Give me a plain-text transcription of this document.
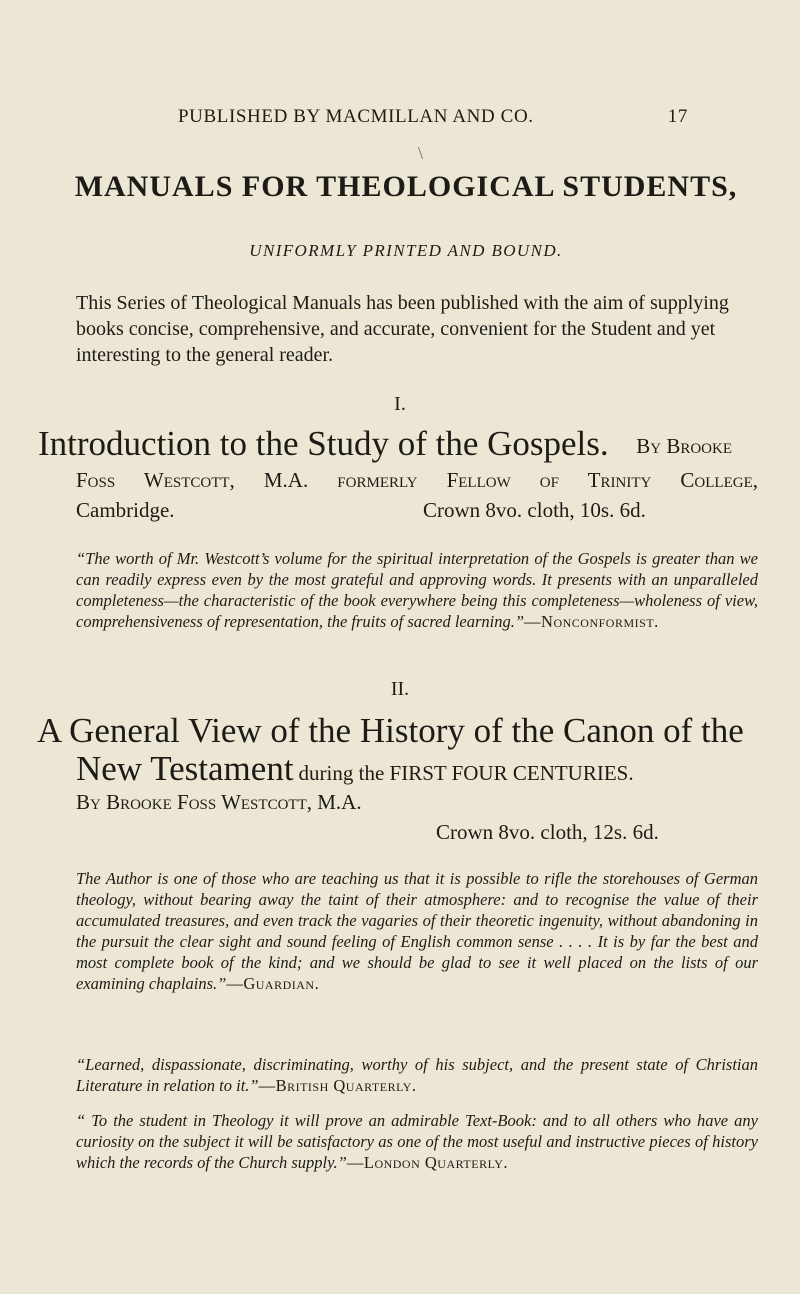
PUBLISHED BY MACMILLAN AND CO.	17
\
MANUALS FOR THEOLOGICAL STUDENTS,
UNIFORMLY PRINTED AND BOUND.
This Series of Theological Manuals has been published with the aim of supplying books concise, comprehensive, and accurate, convenient for the Student and yet interesting to the general reader.
I.
Introduction to the Study of the Gospels. By Brooke
Foss Westcott, M.A. formerly Fellow of Trinity College,
Cambridge.	Crown 8vo. cloth, 10s. 6d.
“The worth of Mr. Westcott’s volume for the spiritual interpretation of the Gospels is greater than we can readily express even by the most grateful and approving words. It presents with an unparalleled completeness—the characteristic of the book everywhere being this completeness—wholeness of view, comprehensiveness of representation, the fruits of sacred learning.”—Nonconformist.
II.
A General View of the History of the Canon of the
New Testament during the FIRST FOUR CENTURIES.
By Brooke Foss Westcott, M.A.
Crown 8vo. cloth, 12s. 6d.
The Author is one of those who are teaching us that it is possible to rifle the storehouses of German theology, without bearing away the taint of their atmosphere: and to recognise the value of their accumulated treasures, and even track the vagaries of their theoretic ingenuity, without abandoning in the pursuit the clear sight and sound feeling of English common sense . . . . It is by far the best and most complete book of the kind; and we should be glad to see it well placed on the lists of our examining chaplains.”—Guardian.
“Learned, dispassionate, discriminating, worthy of his subject, and the present state of Christian Literature in relation to it.”—British Quarterly.
“ To the student in Theology it will prove an admirable Text-Book: and to all others who have any curiosity on the subject it will be satisfactory as one of the most useful and instructive pieces of history which the records of the Church supply.”—London Quarterly.
